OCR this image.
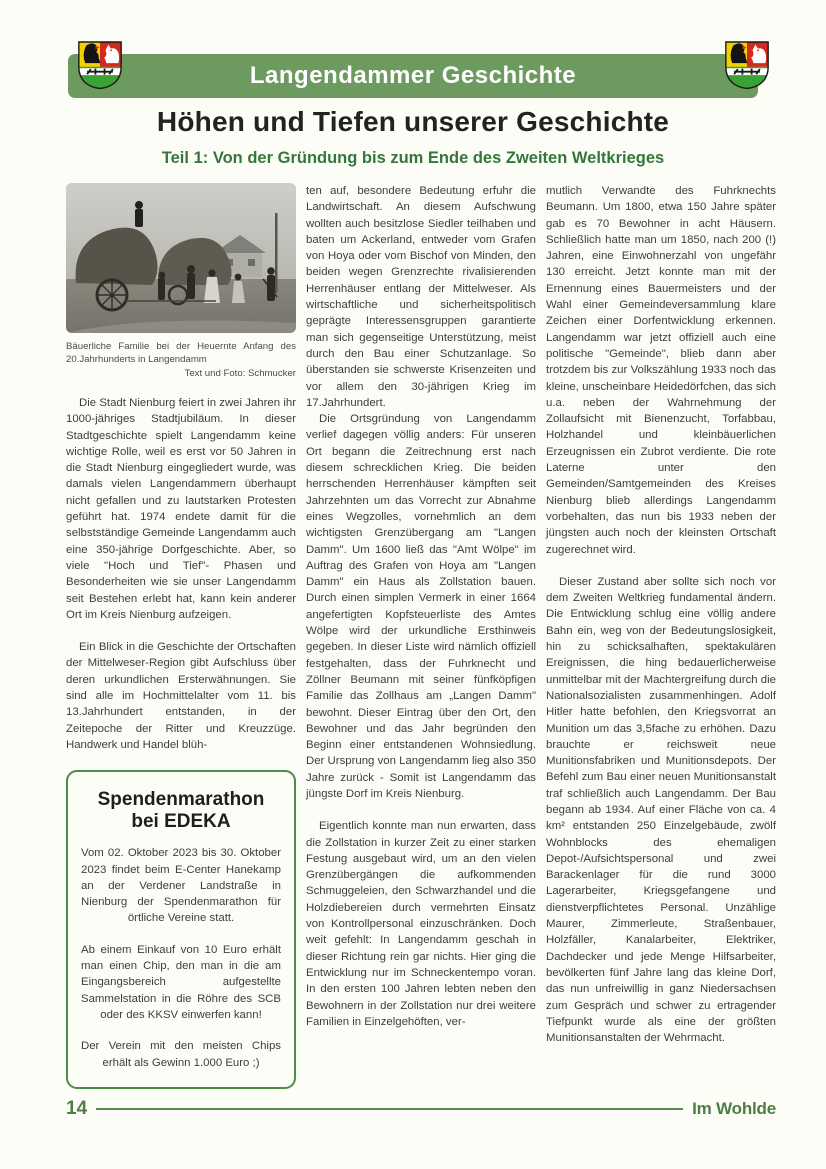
Langendammer Geschichte
Höhen und Tiefen unserer Geschichte
Teil 1: Von der Gründung bis zum Ende des Zweiten Weltkrieges

Bäuerliche Familie bei der Heuernte Anfang des 20.Jahrhunderts in Langendamm

Text und Foto: Schmucker

Die Stadt Nienburg feiert in zwei Jahren ihr 1000-jähriges Stadtjubiläum. In dieser Stadtgeschichte spielt Langendamm keine wichtige Rolle, weil es erst vor 50 Jahren in die Stadt Nienburg eingegliedert wurde, was damals vielen Langendammern überhaupt nicht gefallen und zu lautstarken Protesten geführt hat. 1974 endete damit für die selbstständige Gemeinde Langendamm auch eine 350-jährige Dorfgeschichte. Aber, so viele "Hoch und Tief"- Phasen und Besonderheiten wie sie unser Langendamm seit Bestehen erlebt hat, kann kein anderer Ort im Kreis Nienburg aufzeigen.

Ein Blick in die Geschichte der Ortschaften der Mittelweser-Region gibt Aufschluss über deren urkundlichen Ersterwähnungen. Sie sind alle im Hochmittelalter vom 11. bis 13.Jahrhundert entstanden, in der Zeitepoche der Ritter und Kreuzzüge. Handwerk und Handel blüh-

Spendenmarathon bei EDEKA

Vom 02. Oktober 2023 bis 30. Oktober 2023 findet beim E-Center Hanekamp an der Verdener Landstraße in Nienburg der Spendenmarathon für örtliche Vereine statt.

Ab einem Einkauf von 10 Euro erhält man einen Chip, den man in die am Eingangsbereich aufgestellte Sammelstation in die Röhre des SCB oder des KKSV einwerfen kann!

Der Verein mit den meisten Chips erhält als Gewinn 1.000 Euro ;)

ten auf, besondere Bedeutung erfuhr die Landwirtschaft. An diesem Aufschwung wollten auch besitzlose Siedler teilhaben und baten um Ackerland, entweder vom Grafen von Hoya oder vom Bischof von Minden, den beiden wegen Grenzrechte rivalisierenden Herrenhäuser entlang der Mittelweser. Als wirtschaftliche und sicherheitspolitisch geprägte Interessensgruppen garantierte man sich gegenseitige Unterstützung, meist durch den Bau einer Schutzanlage. So überstanden sie schwerste Krisenzeiten und vor allem den 30-jährigen Krieg im 17.Jahrhundert.

Die Ortsgründung von Langendamm verlief dagegen völlig anders: Für unseren Ort begann die Zeitrechnung erst nach diesem schrecklichen Krieg. Die beiden herrschenden Herrenhäuser kämpften seit Jahrzehnten um das Vorrecht zur Abnahme eines Wegzolles, vornehmlich an dem wichtigsten Grenzübergang am "Langen Damm". Um 1600 ließ das "Amt Wölpe" im Auftrag des Grafen von Hoya am "Langen Damm" ein Haus als Zollstation bauen. Durch einen simplen Vermerk in einer 1664 angefertigten Kopfsteuerliste des Amtes Wölpe wird der urkundliche Ersthinweis gegeben. In dieser Liste wird nämlich offiziell festgehalten, dass der Fuhrknecht und Zöllner Beumann mit seiner fünfköpfigen Familie das Zollhaus am „Langen Damm" bewohnt. Dieser Eintrag über den Ort, den Bewohner und das Jahr begründen den Beginn einer entstandenen Wohnsiedlung. Der Ursprung von Langendamm lieg also 350 Jahre zurück - Somit ist Langendamm das jüngste Dorf im Kreis Nienburg.

Eigentlich konnte man nun erwarten, dass die Zollstation in kurzer Zeit zu einer starken Festung ausgebaut wird, um an den vielen Grenzübergängen die aufkommenden Schmuggeleien, den Schwarzhandel und die Holzdiebereien durch vermehrten Einsatz von Kontrollpersonal einzuschränken. Doch weit gefehlt: In Langendamm geschah in dieser Richtung rein gar nichts. Hier ging die Entwicklung nur im Schneckentempo voran. In den ersten 100 Jahren lebten neben den Bewohnern in der Zollstation nur drei weitere Familien in Einzelgehöften, ver-

mutlich Verwandte des Fuhrknechts Beumann. Um 1800, etwa 150 Jahre später gab es 70 Bewohner in acht Häusern. Schließlich hatte man um 1850, nach 200 (!) Jahren, eine Einwohnerzahl von ungefähr 130 erreicht. Jetzt konnte man mit der Ernennung eines Bauermeisters und der Wahl einer Gemeindeversammlung klare Zeichen einer Dorfentwicklung erkennen. Langendamm war jetzt offiziell auch eine politische "Gemeinde", blieb dann aber trotzdem bis zur Volkszählung 1933 noch das kleine, unscheinbare Heidedörfchen, das sich u.a. neben der Wahrnehmung der Zollaufsicht mit Bienenzucht, Torfabbau, Holzhandel und kleinbäuerlichen Erzeugnissen ein Zubrot verdiente. Die rote Laterne unter den Gemeinden/Samtgemeinden des Kreises Nienburg blieb allerdings Langendamm vorbehalten, das nun bis 1933 neben der jüngsten auch noch der kleinsten Ortschaft zugerechnet wird.

Dieser Zustand aber sollte sich noch vor dem Zweiten Weltkrieg fundamental ändern. Die Entwicklung schlug eine völlig andere Bahn ein, weg von der Bedeutungslosigkeit, hin zu schicksalhaften, spektakulären Ereignissen, die hing bedauerlicherweise unmittelbar mit der Machtergreifung durch die Nationalsozialisten zusammenhingen. Adolf Hitler hatte befohlen, den Kriegsvorrat an Munition um das 3,5fache zu erhöhen. Dazu brauchte er reichsweit neue Munitionsfabriken und Munitionsdepots. Der Befehl zum Bau einer neuen Munitionsanstalt traf schließlich auch Langendamm. Der Bau begann ab 1934. Auf einer Fläche von ca. 4 km² entstanden 250 Einzelgebäude, zwölf Wohnblocks des ehemaligen Depot-/Aufsichtspersonal und zwei Barackenlager für die rund 3000 Lagerarbeiter, Kriegsgefangene und dienstverpflichtetes Personal. Unzählige Maurer, Zimmerleute, Straßenbauer, Holzfäller, Kanalarbeiter, Elektriker, Dachdecker und jede Menge Hilfsarbeiter, bevölkerten fünf Jahre lang das kleine Dorf, das nun unfreiwillig in ganz Niedersachsen zum Gespräch und schwer zu ertragender Tiefpunkt wurde als eine der größten Munitionsanstalten der Wehrmacht.

14	Im Wohlde
